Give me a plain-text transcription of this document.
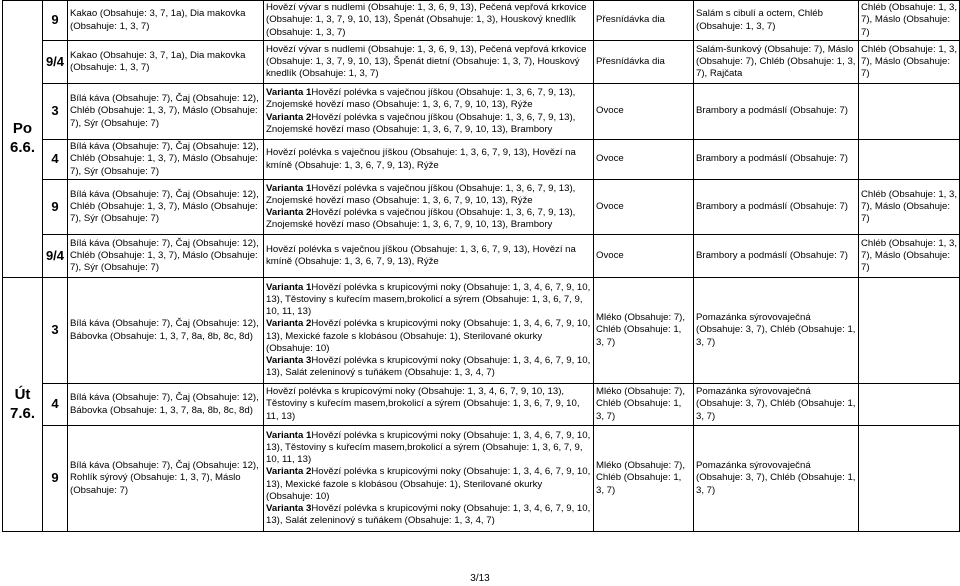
Po
6.6.	9	Kakao (Obsahuje: 3, 7, 1a), Dia makovka (Obsahuje: 1, 3, 7)	Hovězí vývar s nudlemi (Obsahuje: 1, 3, 6, 9, 13), Pečená vepřová krkovice (Obsahuje: 1, 3, 7, 9, 10, 13), Špenát (Obsahuje: 1, 3), Houskový knedlík (Obsahuje: 1, 3, 7)	Přesnídávka dia	Salám s cibulí a octem, Chléb (Obsahuje: 1, 3, 7)	Chléb (Obsahuje: 1, 3, 7), Máslo (Obsahuje: 7)
	9/4	Kakao (Obsahuje: 3, 7, 1a), Dia makovka (Obsahuje: 1, 3, 7)	Hovězí vývar s nudlemi (Obsahuje: 1, 3, 6, 9, 13), Pečená vepřová krkovice (Obsahuje: 1, 3, 7, 9, 10, 13), Špenát dietní (Obsahuje: 1, 3, 7), Houskový knedlík (Obsahuje: 1, 3, 7)	Přesnídávka dia	Salám-šunkový (Obsahuje: 7), Máslo (Obsahuje: 7), Chléb (Obsahuje: 1, 3, 7), Rajčata	Chléb (Obsahuje: 1, 3, 7), Máslo (Obsahuje: 7)
	3	Bílá káva (Obsahuje: 7), Čaj (Obsahuje: 12), Chléb (Obsahuje: 1, 3, 7), Máslo (Obsahuje: 7), Sýr (Obsahuje: 7)	Varianta 1Hovězí polévka s vaječnou jíškou (Obsahuje: 1, 3, 6, 7, 9, 13), Znojemské hovězí maso (Obsahuje: 1, 3, 6, 7, 9, 10, 13), Rýže
Varianta 2Hovězí polévka s vaječnou jíškou (Obsahuje: 1, 3, 6, 7, 9, 13), Znojemské hovězí maso (Obsahuje: 1, 3, 6, 7, 9, 10, 13), Brambory	Ovoce	Brambory a podmáslí (Obsahuje: 7)	
	4	Bílá káva (Obsahuje: 7), Čaj (Obsahuje: 12), Chléb (Obsahuje: 1, 3, 7), Máslo (Obsahuje: 7), Sýr (Obsahuje: 7)	Hovězí polévka s vaječnou jíškou (Obsahuje: 1, 3, 6, 7, 9, 13), Hovězí na kmíně (Obsahuje: 1, 3, 6, 7, 9, 13), Rýže	Ovoce	Brambory a podmáslí (Obsahuje: 7)	
	9	Bílá káva (Obsahuje: 7), Čaj (Obsahuje: 12), Chléb (Obsahuje: 1, 3, 7), Máslo (Obsahuje: 7), Sýr (Obsahuje: 7)	Varianta 1Hovězí polévka s vaječnou jíškou (Obsahuje: 1, 3, 6, 7, 9, 13), Znojemské hovězí maso (Obsahuje: 1, 3, 6, 7, 9, 10, 13), Rýže
Varianta 2Hovězí polévka s vaječnou jíškou (Obsahuje: 1, 3, 6, 7, 9, 13), Znojemské hovězí maso (Obsahuje: 1, 3, 6, 7, 9, 10, 13), Brambory	Ovoce	Brambory a podmáslí (Obsahuje: 7)	Chléb (Obsahuje: 1, 3, 7), Máslo (Obsahuje: 7)
	9/4	Bílá káva (Obsahuje: 7), Čaj (Obsahuje: 12), Chléb (Obsahuje: 1, 3, 7), Máslo (Obsahuje: 7), Sýr (Obsahuje: 7)	Hovězí polévka s vaječnou jíškou (Obsahuje: 1, 3, 6, 7, 9, 13), Hovězí na kmíně (Obsahuje: 1, 3, 6, 7, 9, 13), Rýže	Ovoce	Brambory a podmáslí (Obsahuje: 7)	Chléb (Obsahuje: 1, 3, 7), Máslo (Obsahuje: 7)
Út
7.6.	3	Bílá káva (Obsahuje: 7), Čaj (Obsahuje: 12), Bábovka (Obsahuje: 1, 3, 7, 8a, 8b, 8c, 8d)	Varianta 1Hovězí polévka s krupicovými noky (Obsahuje: 1, 3, 4, 6, 7, 9, 10, 13), Těstoviny s kuřecím masem,brokolicí a sýrem (Obsahuje: 1, 3, 6, 7, 9, 10, 11, 13)
Varianta 2Hovězí polévka s krupicovými noky (Obsahuje: 1, 3, 4, 6, 7, 9, 10, 13), Mexické fazole s klobásou (Obsahuje: 1), Sterilované okurky (Obsahuje: 10)
Varianta 3Hovězí polévka s krupicovými noky (Obsahuje: 1, 3, 4, 6, 7, 9, 10, 13), Salát zeleninový s tuňákem (Obsahuje: 1, 3, 4, 7)	Mléko (Obsahuje: 7), Chléb (Obsahuje: 1, 3, 7)	Pomazánka sýrovovaječná (Obsahuje: 3, 7), Chléb (Obsahuje: 1, 3, 7)	
	4	Bílá káva (Obsahuje: 7), Čaj (Obsahuje: 12), Bábovka (Obsahuje: 1, 3, 7, 8a, 8b, 8c, 8d)	Hovězí polévka s krupicovými noky (Obsahuje: 1, 3, 4, 6, 7, 9, 10, 13), Těstoviny s kuřecím masem,brokolicí a sýrem (Obsahuje: 1, 3, 6, 7, 9, 10, 11, 13)	Mléko (Obsahuje: 7), Chléb (Obsahuje: 1, 3, 7)	Pomazánka sýrovovaječná (Obsahuje: 3, 7), Chléb (Obsahuje: 1, 3, 7)	
	9	Bílá káva (Obsahuje: 7), Čaj (Obsahuje: 12), Rohlík sýrový (Obsahuje: 1, 3, 7), Máslo (Obsahuje: 7)	Varianta 1Hovězí polévka s krupicovými noky (Obsahuje: 1, 3, 4, 6, 7, 9, 10, 13), Těstoviny s kuřecím masem,brokolicí a sýrem (Obsahuje: 1, 3, 6, 7, 9, 10, 11, 13)
Varianta 2Hovězí polévka s krupicovými noky (Obsahuje: 1, 3, 4, 6, 7, 9, 10, 13), Mexické fazole s klobásou (Obsahuje: 1), Sterilované okurky (Obsahuje: 10)
Varianta 3Hovězí polévka s krupicovými noky (Obsahuje: 1, 3, 4, 6, 7, 9, 10, 13), Salát zeleninový s tuňákem (Obsahuje: 1, 3, 4, 7)	Mléko (Obsahuje: 7), Chléb (Obsahuje: 1, 3, 7)	Pomazánka sýrovovaječná (Obsahuje: 3, 7), Chléb (Obsahuje: 1, 3, 7)	
3/13
